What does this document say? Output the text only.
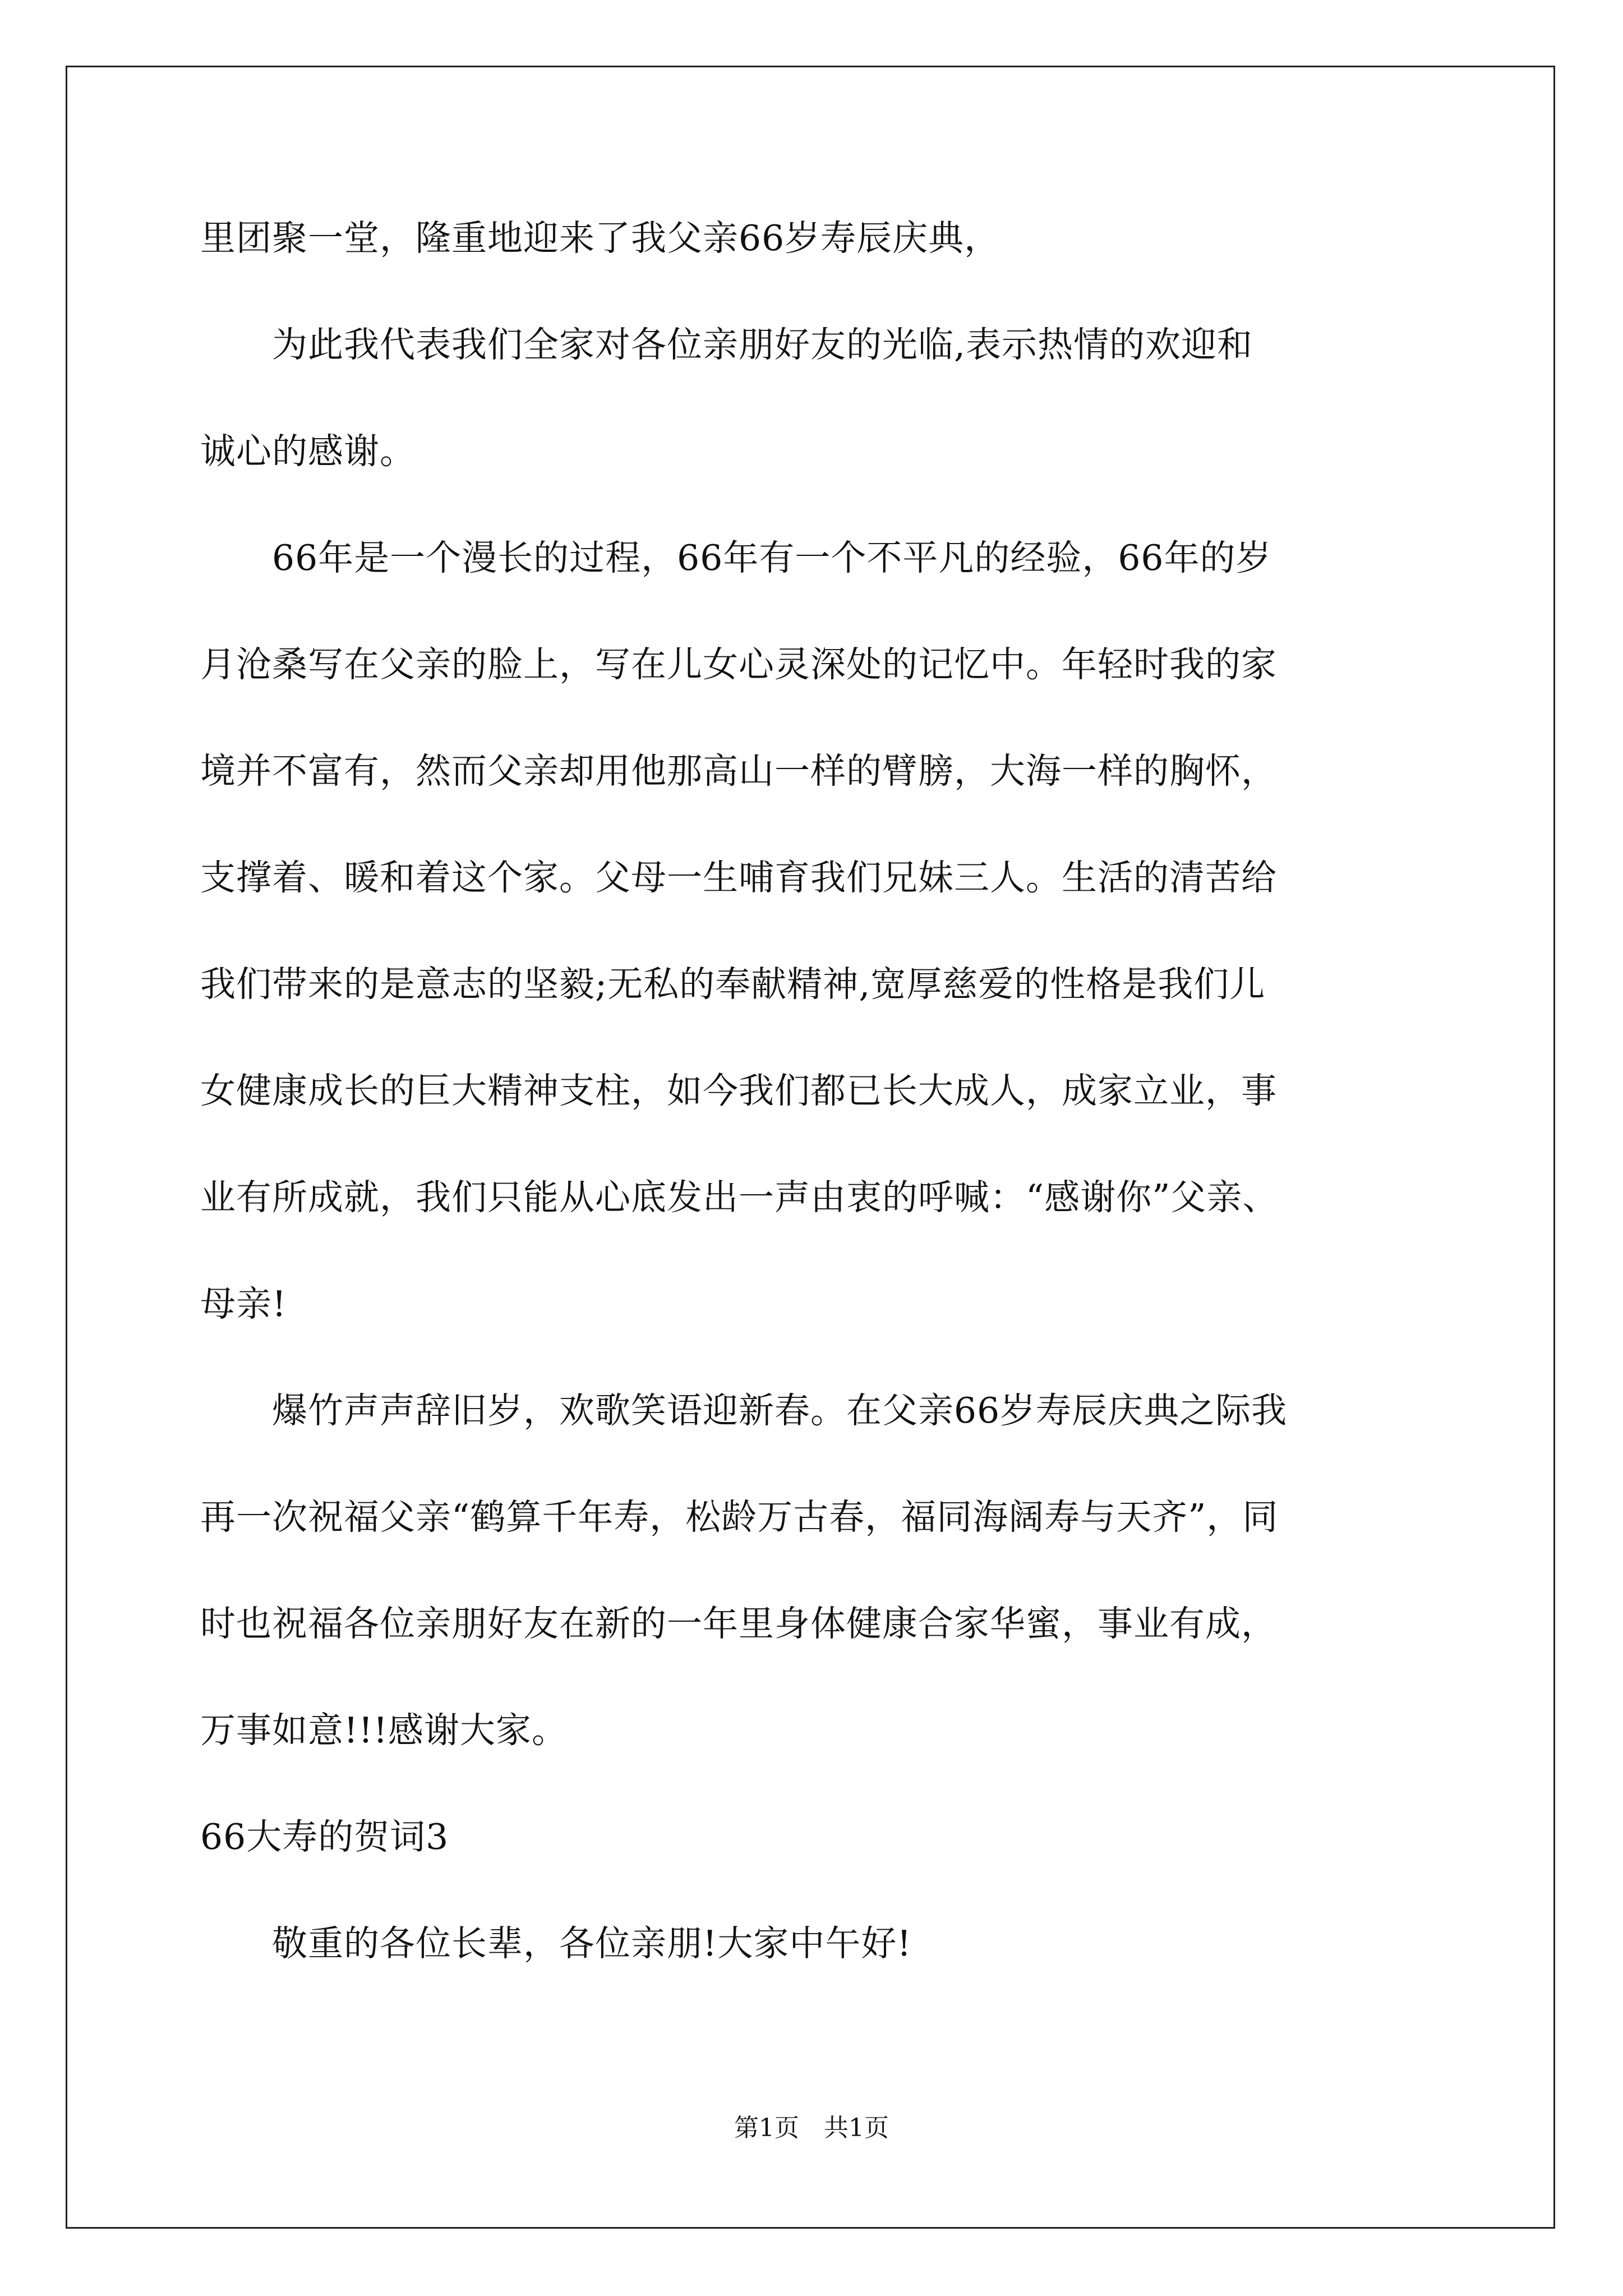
里团聚一堂，隆重地迎来了我父亲66岁寿辰庆典，
　　为此我代表我们全家对各位亲朋好友的光临,表示热情的欢迎和
诚心的感谢。
　　66年是一个漫长的过程，66年有一个不平凡的经验，66年的岁
月沧桑写在父亲的脸上，写在儿女心灵深处的记忆中。年轻时我的家
境并不富有，然而父亲却用他那高山一样的臂膀，大海一样的胸怀，
支撑着、暖和着这个家。父母一生哺育我们兄妹三人。生活的清苦给
我们带来的是意志的坚毅;无私的奉献精神,宽厚慈爱的性格是我们儿
女健康成长的巨大精神支柱，如今我们都已长大成人，成家立业，事
业有所成就，我们只能从心底发出一声由衷的呼喊：“感谢你”父亲、
母亲!
　　爆竹声声辞旧岁，欢歌笑语迎新春。在父亲66岁寿辰庆典之际我
再一次祝福父亲“鹤算千年寿，松龄万古春，福同海阔寿与天齐”，同
时也祝福各位亲朋好友在新的一年里身体健康合家华蜜，事业有成，
万事如意!!!感谢大家。
66大寿的贺词3
　　敬重的各位长辈，各位亲朋!大家中午好!
第1页　共1页
